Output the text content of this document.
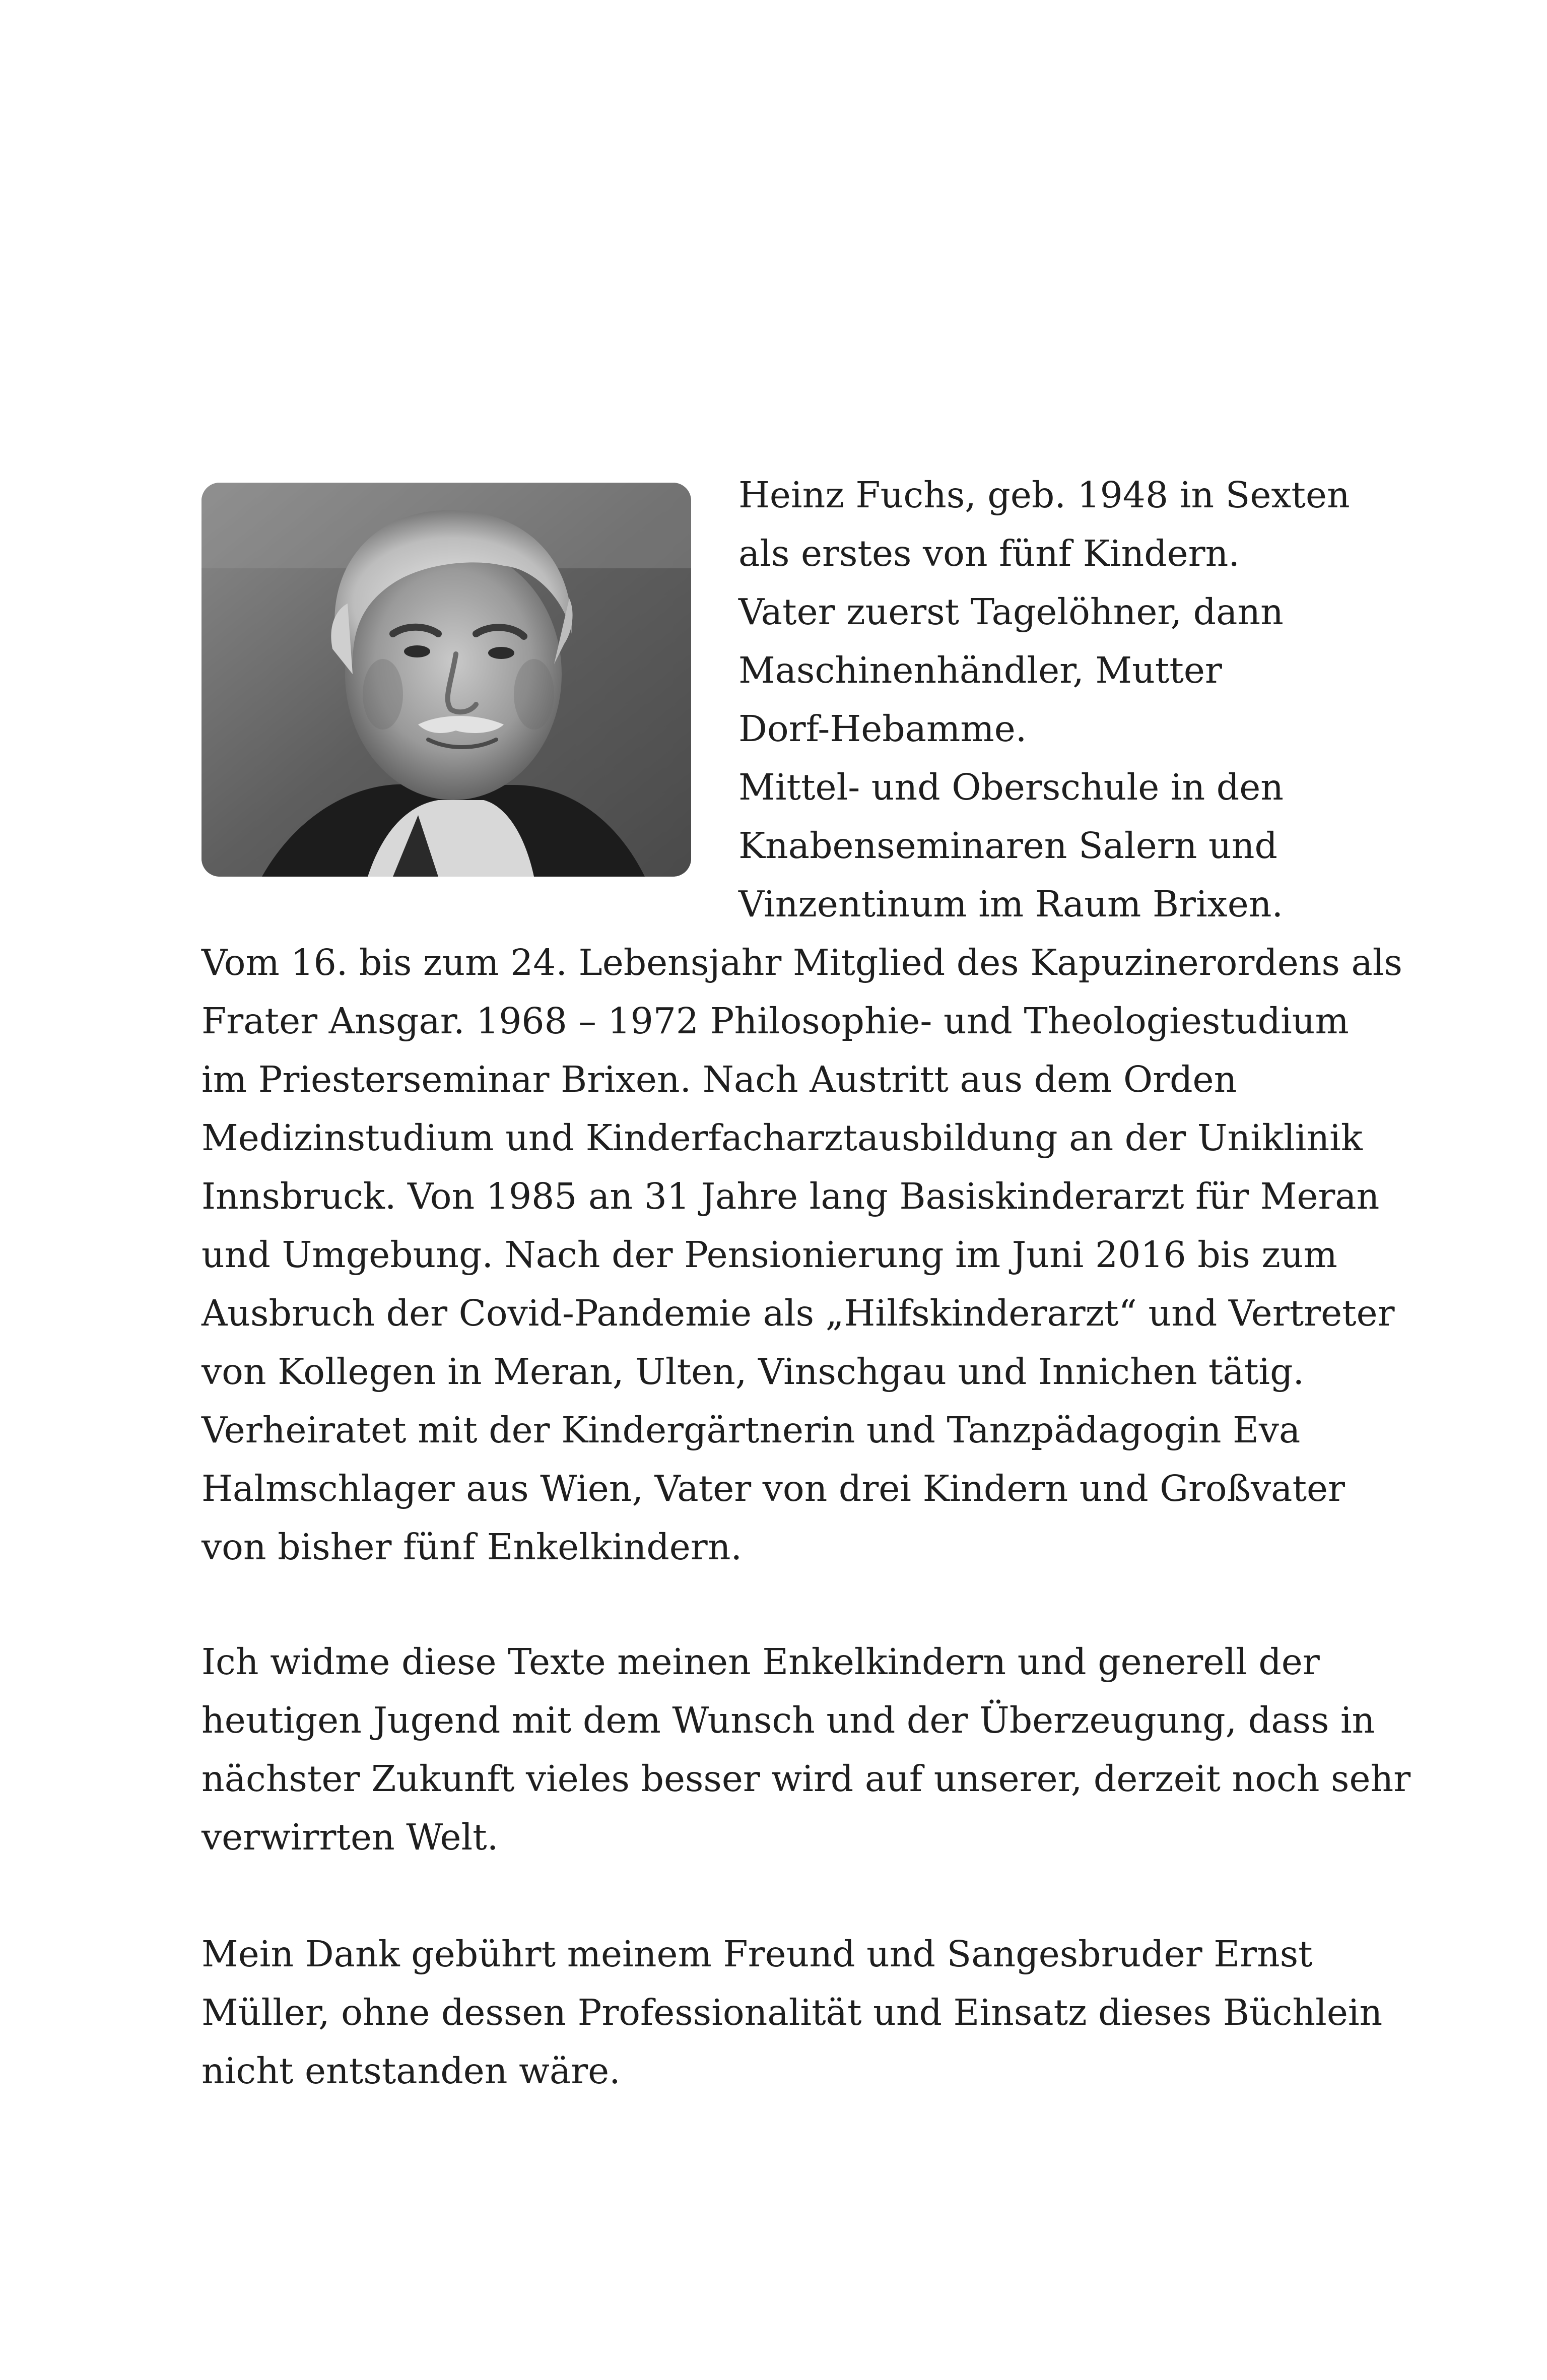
Heinz Fuchs, geb. 1948 in Sexten
als erstes von fünf Kindern.
Vater zuerst Tagelöhner, dann
Maschinenhändler, Mutter
Dorf-Hebamme.
Mittel- und Oberschule in den
Knabenseminaren Salern und
Vinzentinum im Raum Brixen.

Vom 16. bis zum 24. Lebensjahr Mitglied des Kapuzinerordens als
Frater Ansgar. 1968 – 1972 Philosophie- und Theologiestudium
im Priesterseminar Brixen. Nach Austritt aus dem Orden
Medizinstudium und Kinderfacharztausbildung an der Uniklinik
Innsbruck. Von 1985 an 31 Jahre lang Basiskinderarzt für Meran
und Umgebung. Nach der Pensionierung im Juni 2016 bis zum
Ausbruch der Covid-Pandemie als „Hilfskinderarzt“ und Vertreter
von Kollegen in Meran, Ulten, Vinschgau und Innichen tätig.
Verheiratet mit der Kindergärtnerin und Tanzpädagogin Eva
Halmschlager aus Wien, Vater von drei Kindern und Großvater
von bisher fünf Enkelkindern.

Ich widme diese Texte meinen Enkelkindern und generell der
heutigen Jugend mit dem Wunsch und der Überzeugung, dass in
nächster Zukunft vieles besser wird auf unserer, derzeit noch sehr
verwirrten Welt.

Mein Dank gebührt meinem Freund und Sangesbruder Ernst
Müller, ohne dessen Professionalität und Einsatz dieses Büchlein
nicht entstanden wäre.
